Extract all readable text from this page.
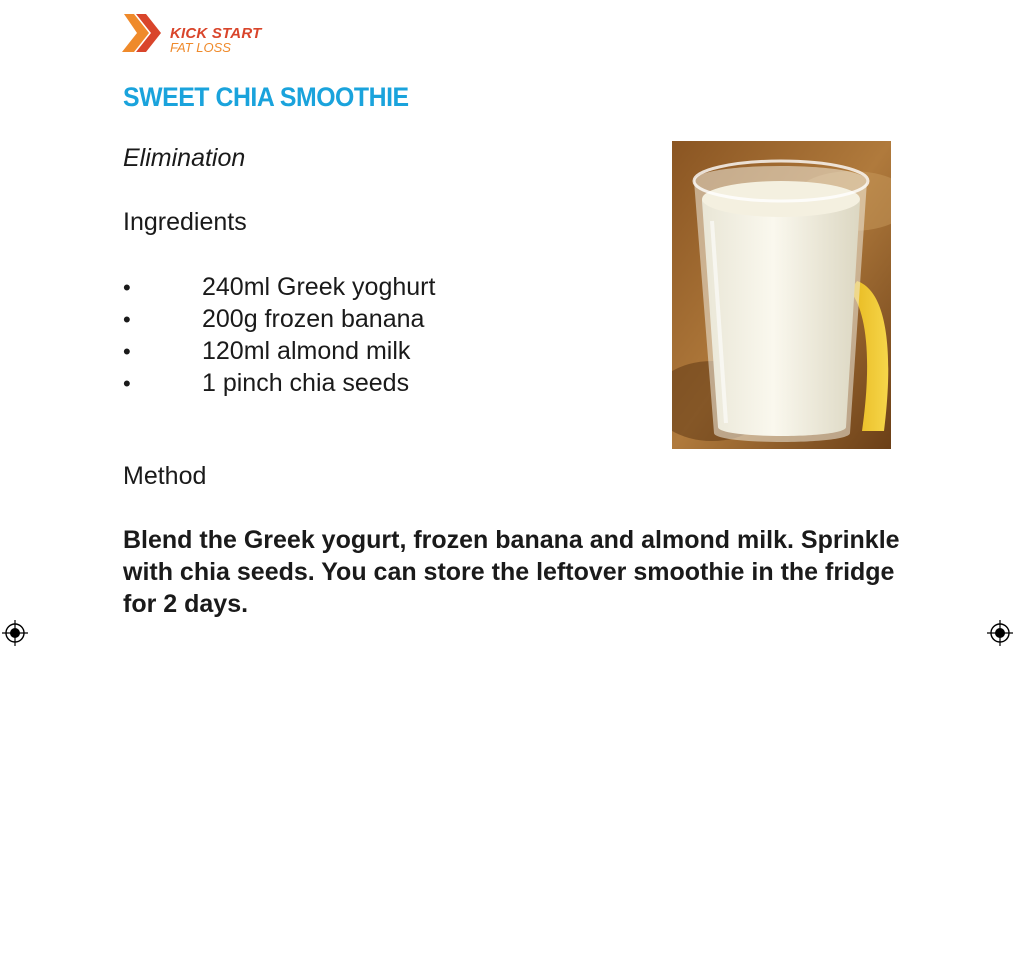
KICK START
FAT LOSS
SWEET CHIA SMOOTHIE
Elimination
Ingredients
•	240ml Greek yoghurt
•	200g frozen banana
•	120ml almond milk
•	1 pinch chia seeds
Method

Blend the Greek yogurt, frozen banana and almond milk. Sprinkle with chia seeds. You can store the leftover smoothie in the fridge for 2 days.
